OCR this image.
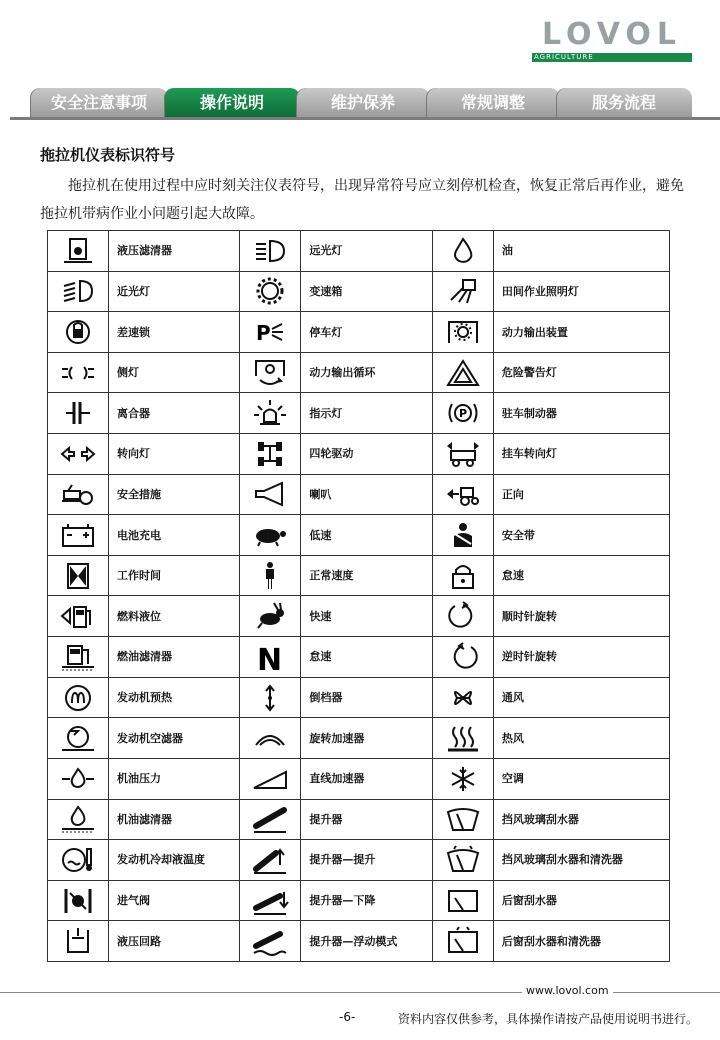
LOVOL
AGRICULTURE
安全注意事项	操作说明	维护保养	常规调整	服务流程
拖拉机仪表标识符号
拖拉机在使用过程中应时刻关注仪表符号，出现异常符号应立刻停机检查，恢复正常后再作业，避免拖拉机带病作业小问题引起大故障。
	液压滤清器		远光灯		油

	近光灯		变速箱		田间作业照明灯

	差速锁	P	停车灯		动力输出装置

	侧灯		动力输出循环		危险警告灯

	离合器		指示灯	P	驻车制动器

	转向灯		四轮驱动		挂车转向灯

	安全措施		喇叭		正向

	电池充电		低速		安全带

	工作时间		正常速度		怠速

	燃料液位		快速		顺时针旋转

	燃油滤清器	N	怠速		逆时针旋转

	发动机预热		倒档器		通风

	发动机空滤器		旋转加速器		热风

	机油压力		直线加速器		空调

	机油滤清器		提升器		挡风玻璃刮水器

	发动机冷却液温度		提升器—提升		挡风玻璃刮水器和清洗器

	进气阀		提升器—下降		后窗刮水器

	液压回路		提升器—浮动模式		后窗刮水器和清洗器
www.lovol.com
-6-	资料内容仅供参考，具体操作请按产品使用说明书进行。
